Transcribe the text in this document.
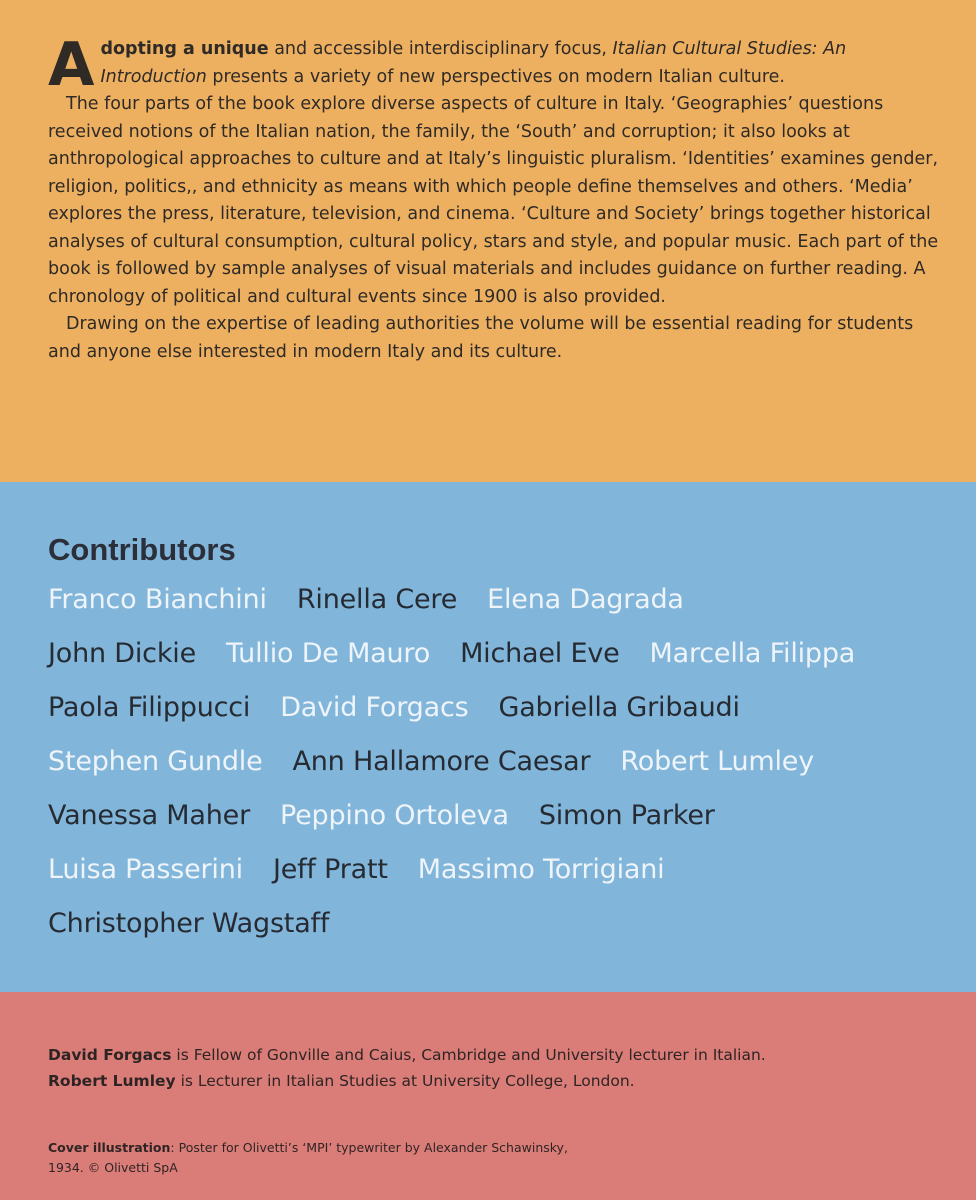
Adopting a unique and accessible interdisciplinary focus, Italian Cultural Studies: An Introduction presents a variety of new perspectives on modern Italian culture.

The four parts of the book explore diverse aspects of culture in Italy. ‘Geographies’ questions received notions of the Italian nation, the family, the ‘South’ and corruption; it also looks at anthropological approaches to culture and at Italy’s linguistic pluralism. ‘Identities’ examines gender, religion, politics,, and ethnicity as means with which people define themselves and others. ‘Media’ explores the press, literature, television, and cinema. ‘Culture and Society’ brings together historical analyses of cultural consumption, cultural policy, stars and style, and popular music. Each part of the book is followed by sample analyses of visual materials and includes guidance on further reading. A chronology of political and cultural events since 1900 is also provided.

Drawing on the expertise of leading authorities the volume will be essential reading for students and anyone else interested in modern Italy and its culture.

Contributors
Franco Bianchini Rinella Cere Elena Dagrada
John Dickie Tullio De Mauro Michael Eve Marcella Filippa
Paola Filippucci David Forgacs Gabriella Gribaudi
Stephen Gundle Ann Hallamore Caesar Robert Lumley
Vanessa Maher Peppino Ortoleva Simon Parker
Luisa Passerini Jeff Pratt Massimo Torrigiani
Christopher Wagstaff

David Forgacs is Fellow of Gonville and Caius, Cambridge and University lecturer in Italian.

Robert Lumley is Lecturer in Italian Studies at University College, London.

Cover illustration: Poster for Olivetti’s ‘MPI’ typewriter by Alexander Schawinsky, 1934. © Olivetti SpA
